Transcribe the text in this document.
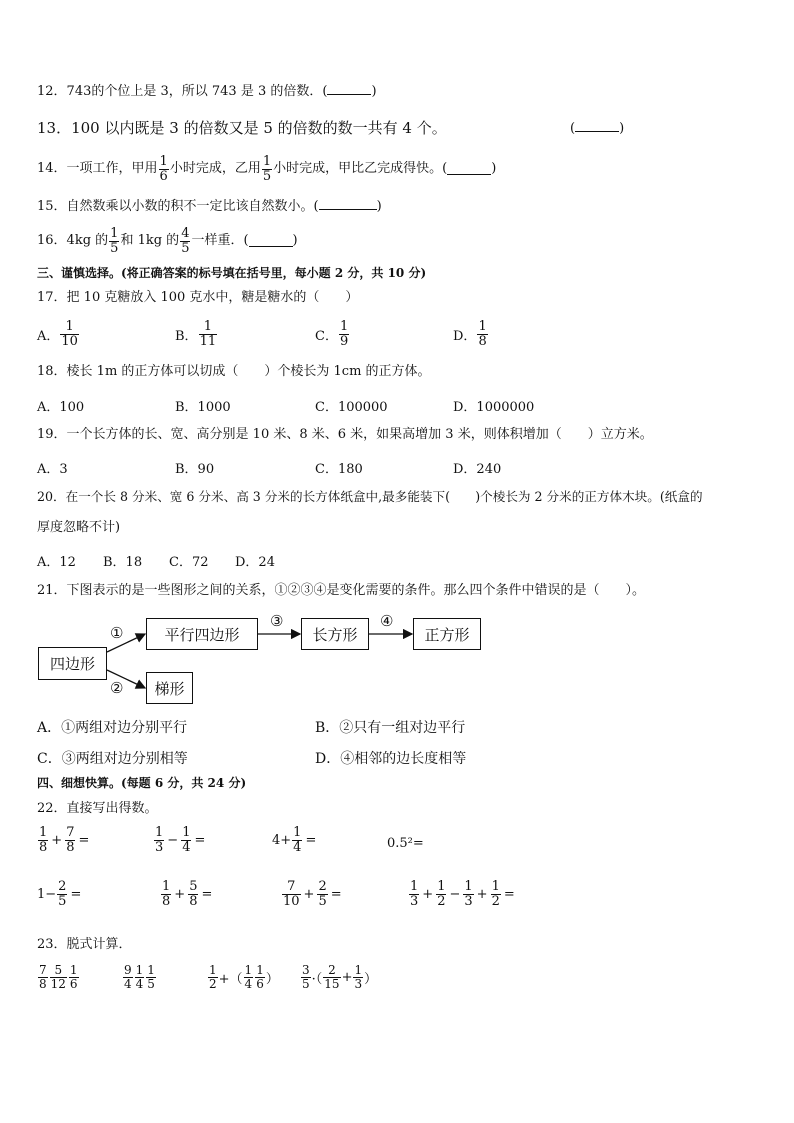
12．743的个位上是 3，所以 743 是 3 的倍数．(	)
13．100 以内既是 3 的倍数又是 5 的倍数的数一共有 4 个。	(	)
14．一项工作，甲用 $\frac{1}{6}$ 小时完成，乙用 $\frac{1}{5}$ 小时完成，甲比乙完成得快。(	)
15．自然数乘以小数的积不一定比该自然数小。(	)
16．4kg 的 $\frac{1}{5}$ 和 1kg 的 $\frac{4}{5}$ 一样重．(	)
三、谨慎选择。(将正确答案的标号填在括号里，每小题 2 分，共 10 分)
17．把 10 克糖放入 100 克水中，糖是糖水的（　　）
A． $\frac{1}{10}$	B． $\frac{1}{11}$	C． $\frac{1}{9}$	D． $\frac{1}{8}$
18．棱长 1m 的正方体可以切成（　　）个棱长为 1cm 的正方体。
A．100	B．1000	C．100000	D．1000000
19．一个长方体的长、宽、高分别是 10 米、8 米、6 米，如果高增加 3 米，则体积增加（　　）立方米。
A．3	B．90	C．180	D．240
20．在一个长 8 分米、宽 6 分米、高 3 分米的长方体纸盒中,最多能装下(　　)个棱长为 2 分米的正方体木块。(纸盒的
厚度忽略不计)
A．12 B．18 C．72 D．24
21．下图表示的是一些图形之间的关系，①②③④是变化需要的条件。那么四个条件中错误的是（　　）。
四边形
平行四边形	长方形	正方形
梯形
①
②
③	④
A．①两组对边分别平行	B．②只有一组对边平行
C．③两组对边分别相等	D．④相邻的边长度相等
四、细想快算。(每题 6 分，共 24 分)
22．直接写出得数。
$\frac{1}{8} + \frac{7}{8}$ =	$\frac{1}{3} - \frac{1}{4}$ =	$4+ \frac{1}{4}$ =	0.5²=
$1- \frac{2}{5}$ =	$\frac{1}{8} + \frac{5}{8}$ =	$\frac{7}{10} + \frac{2}{5}$ =	$\frac{1}{3} + \frac{1}{2} - \frac{1}{3} + \frac{1}{2}$ =
23．脱式计算．
$\frac{7}{8} \frac{5}{12} \frac{1}{6}$	$\frac{9}{4} \frac{1}{4} \frac{1}{5}$	$\frac{1}{2}$ +（ $\frac{1}{4} \frac{1}{6}$ ） $\frac{3}{5}$ ·（ $\frac{2}{15} + \frac{1}{3}$ ）
